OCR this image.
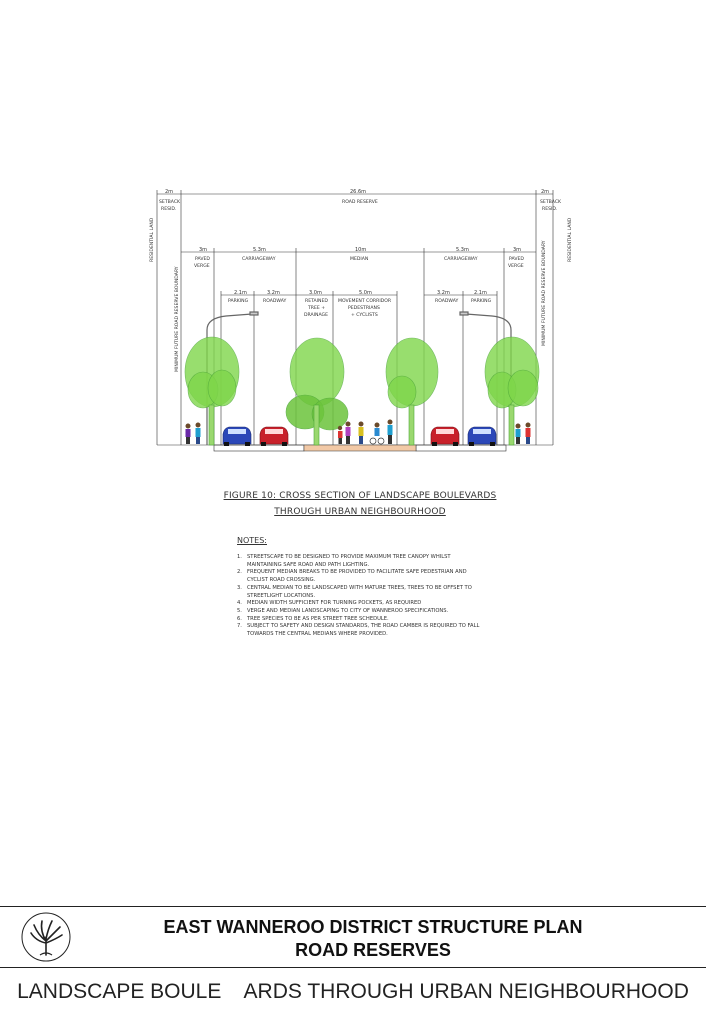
2m	26.6m	2m
SETBACK
RESID.
SETBACK
RESID.
ROAD RESERVE
3m	5.3m	10m	5.3m	3m
PAVED
VERGE
CARRIAGEWAY	MEDIAN	CARRIAGEWAY	PAVED
VERGE
2.1m	3.2m	3.0m	5.0m	3.2m	2.1m
PARKING	ROADWAY	RETAINED
TREE +
DRAINAGE
MOVEMENT CORRIDOR
PEDESTRIANS
+ CYCLISTS
ROADWAY	PARKING
RESIDENTIAL LAND
MINIMUM FUTURE ROAD RESERVE BOUNDARY	MINIMUM FUTURE ROAD RESERVE BOUNDARY
RESIDENTIAL LAND
FIGURE 10: CROSS SECTION OF LANDSCAPE BOULEVARDS
THROUGH URBAN NEIGHBOURHOOD
NOTES:
1. STREETSCAPE TO BE DESIGNED TO PROVIDE MAXIMUM TREE CANOPY WHILST MAINTAINING SAFE ROAD AND PATH LIGHTING.
2. FREQUENT MEDIAN BREAKS TO BE PROVIDED TO FACILITATE SAFE PEDESTRIAN AND CYCLIST ROAD CROSSING.
3. CENTRAL MEDIAN TO BE LANDSCAPED WITH MATURE TREES, TREES TO BE OFFSET TO STREETLIGHT LOCATIONS.
4. MEDIAN WIDTH SUFFICIENT FOR TURNING POCKETS, AS REQUIRED
5. VERGE AND MEDIAN LANDSCAPING TO CITY OF WANNEROO SPECIFICATIONS.
6. TREE SPECIES TO BE AS PER STREET TREE SCHEDULE.
7. SUBJECT TO SAFETY AND DESIGN STANDARDS, THE ROAD CAMBER IS REQUIRED TO FALL TOWARDS THE CENTRAL MEDIANS WHERE PROVIDED.
EAST WANNEROO DISTRICT STRUCTURE PLAN
ROAD RESERVES
LANDSCAPE BOULE    ARDS THROUGH URBAN NEIGHBOURHOOD
